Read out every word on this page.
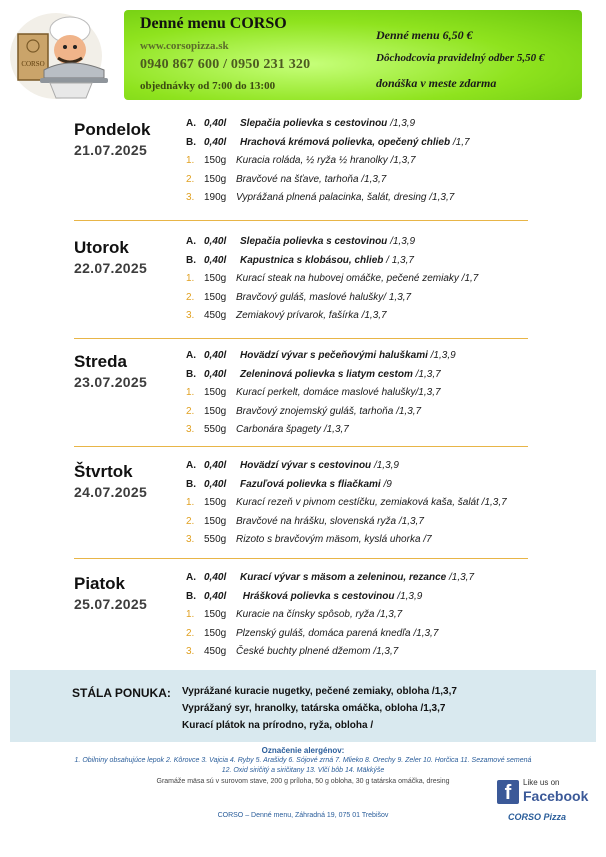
CORSO
Denné menu CORSO
www.corsopizza.sk
0940 867 600 / 0950 231 320
objednávky od 7:00 do 13:00
Denné menu 6,50 €
Dôchodcovia pravidelný odber 5,50 €
donáška v meste zdarma
Pondelok
21.07.2025
A. 0,40l Slepačia polievka s cestovinou /1,3,9
B. 0,40l Hrachová krémová polievka, opečený chlieb /1,7
1. 150g Kuracia roláda, ½ ryža ½ hranolky /1,3,7
2. 150g Bravčové na šťave, tarhoňa /1,3,7
3. 190g Vyprážaná plnená palacinka, šalát, dresing /1,3,7
Utorok
22.07.2025
A. 0,40l Slepačia polievka s cestovinou /1,3,9
B. 0,40l Kapustnica s klobásou, chlieb / 1,3,7
1. 150g Kurací steak na hubovej omáčke, pečené zemiaky /1,7
2. 150g Bravčový guláš, maslové halušky/ 1,3,7
3. 450g Zemiakový prívarok, fašírka /1,3,7
Streda
23.07.2025
A. 0,40l Hovädzí vývar s pečeňovými haluškami /1,3,9
B. 0,40l Zeleninová polievka s liatym cestom /1,3,7
1. 150g Kurací perkelt, domáce maslové halušky/1,3,7
2. 150g Bravčový znojemský guláš, tarhoňa /1,3,7
3. 550g Carbonára špagety /1,3,7
Štvrtok
24.07.2025
A. 0,40l Hovädzí vývar s cestovinou /1,3,9
B. 0,40l Fazuľová polievka s fliačkami /9
1. 150g Kurací rezeň v pivnom cestíčku, zemiaková kaša, šalát /1,3,7
2. 150g Bravčové na hrášku, slovenská ryža /1,3,7
3. 550g Rizoto s bravčovým mäsom, kyslá uhorka /7
Piatok
25.07.2025
A. 0,40l Kurací vývar s mäsom a zeleninou, rezance /1,3,7
B. 0,40l Hrášková polievka s cestovinou /1,3,9
1. 150g Kuracie na čínsky spôsob, ryža /1,3,7
2. 150g Plzenský guláš, domáca parená knedľa /1,3,7
3. 450g České buchty plnené džemom /1,3,7
STÁLA PONUKA: Vyprážané kuracie nugetky, pečené zemiaky, obloha /1,3,7
Vyprážaný syr, hranolky, tatárska omáčka, obloha /1,3,7
Kurací plátok na prírodno, ryža, obloha /
Označenie alergénov:
1. Obilniny obsahujúce lepok 2. Kôrovce 3. Vajcia 4. Ryby 5. Arašidy 6. Sójové zrná 7. Mlieko 8. Orechy 9. Zeler 10. Horčica 11. Sezamové semená
12. Oxid siričitý a siričitany 13. Vlčí bôb 14. Mäkkýše
Gramáže mäsa sú v surovom stave, 200 g príloha, 50 g obloha, 30 g tatárska omáčka, dresing
CORSO – Denné menu, Záhradná 19, 075 01 Trebišov
f	Like us on
Facebook
CORSO Pizza
